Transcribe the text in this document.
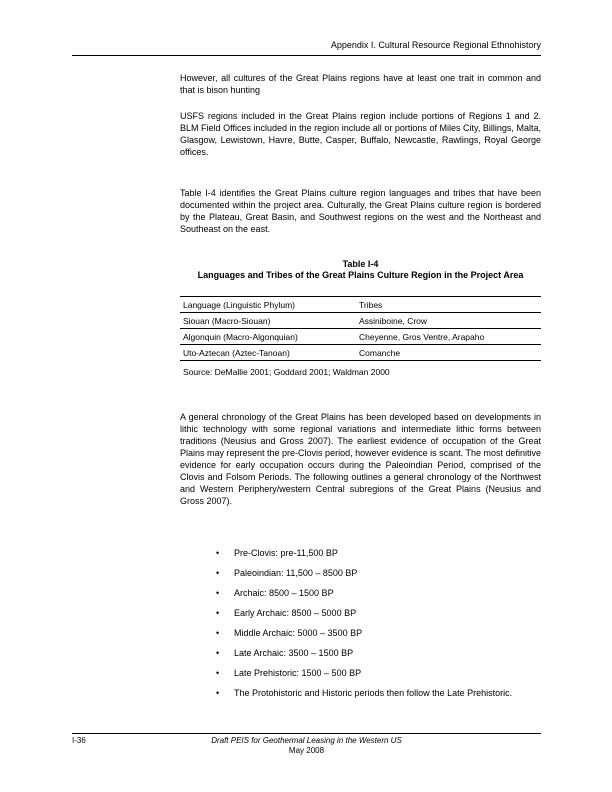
Appendix I. Cultural Resource Regional Ethnohistory

However, all cultures of the Great Plains regions have at least one trait in common and that is bison hunting

USFS regions included in the Great Plains region include portions of Regions 1 and 2. BLM Field Offices included in the region include all or portions of Miles City, Billings, Malta, Glasgow, Lewistown, Havre, Butte, Casper, Buffalo, Newcastle, Rawlings, Royal George offices.

Table I-4 identifies the Great Plains culture region languages and tribes that have been documented within the project area. Culturally, the Great Plains culture region is bordered by the Plateau, Great Basin, and Southwest regions on the west and the Northeast and Southeast on the east.

Table I-4
Languages and Tribes of the Great Plains Culture Region in the Project Area
Language (Linguistic Phylum)	Tribes
Siouan (Macro-Siouan)	Assiniboine, Crow
Algonquin (Macro-Algonquian)	Cheyenne, Gros Ventre, Arapaho
Uto-Aztecan (Aztec-Tanoan)	Comanche
Source: DeMallie 2001; Goddard 2001; Waldman 2000

A general chronology of the Great Plains has been developed based on developments in lithic technology with some regional variations and intermediate lithic forms between traditions (Neusius and Gross 2007). The earliest evidence of occupation of the Great Plains may represent the pre-Clovis period, however evidence is scant. The most definitive evidence for early occupation occurs during the Paleoindian Period, comprised of the Clovis and Folsom Periods. The following outlines a general chronology of the Northwest and Western Periphery/western Central subregions of the Great Plains (Neusius and Gross 2007).

• Pre-Clovis: pre-11,500 BP
• Paleoindian: 11,500 – 8500 BP
• Archaic: 8500 – 1500 BP
• Early Archaic: 8500 – 5000 BP
• Middle Archaic: 5000 – 3500 BP
• Late Archaic: 3500 – 1500 BP
• Late Prehistoric: 1500 – 500 BP
• The Protohistoric and Historic periods then follow the Late Prehistoric.
I-36	Draft PEIS for Geothermal Leasing in the Western US
May 2008
